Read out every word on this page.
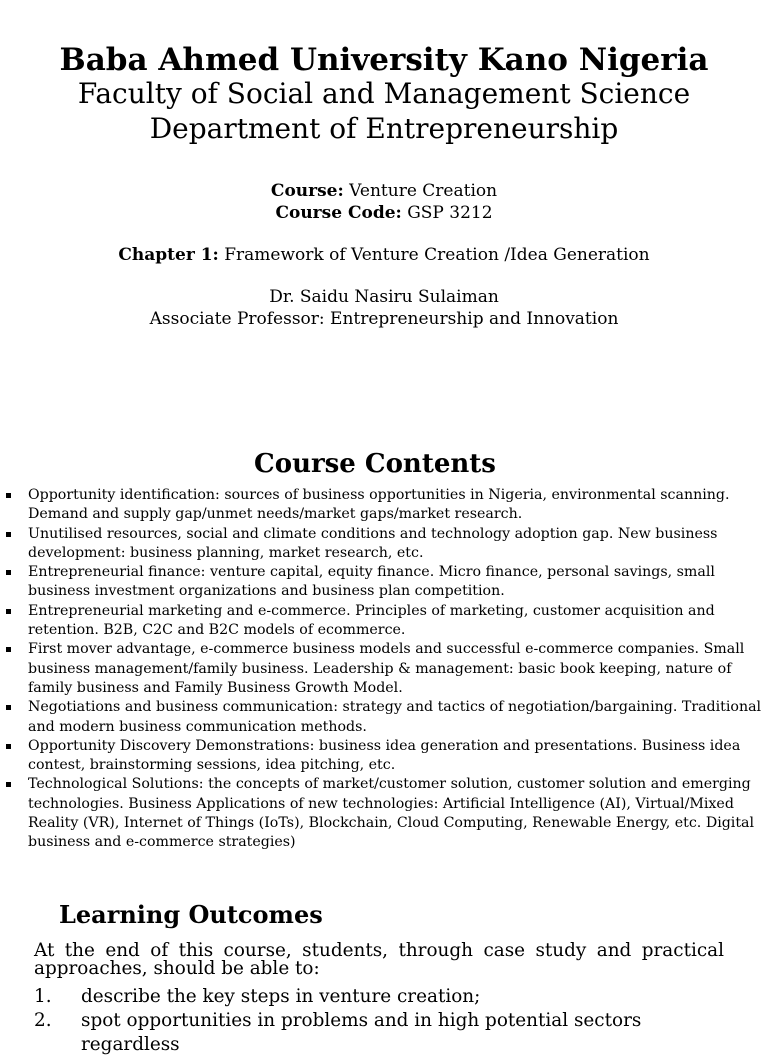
Baba Ahmed University Kano Nigeria
Faculty of Social and Management Science
Department of Entrepreneurship
Course: Venture Creation
Course Code: GSP 3212
Chapter 1: Framework of Venture Creation /Idea Generation
Dr. Saidu Nasiru Sulaiman
Associate Professor: Entrepreneurship and Innovation
Course Contents
Opportunity identification: sources of business opportunities in Nigeria, environmental scanning. Demand and supply gap/unmet needs/market gaps/market research.
Unutilised resources, social and climate conditions and technology adoption gap. New business development: business planning, market research, etc.
Entrepreneurial finance: venture capital, equity finance. Micro finance, personal savings, small business investment organizations and business plan competition.
Entrepreneurial marketing and e-commerce. Principles of marketing, customer acquisition and retention. B2B, C2C and B2C models of ecommerce.
First mover advantage, e-commerce business models and successful e-commerce companies. Small business management/family business. Leadership & management: basic book keeping, nature of family business and Family Business Growth Model.
Negotiations and business communication: strategy and tactics of negotiation/bargaining. Traditional and modern business communication methods.
Opportunity Discovery Demonstrations: business idea generation and presentations. Business idea contest, brainstorming sessions, idea pitching, etc.
Technological Solutions: the concepts of market/customer solution, customer solution and emerging technologies. Business Applications of new technologies: Artificial Intelligence (AI), Virtual/Mixed Reality (VR), Internet of Things (IoTs), Blockchain, Cloud Computing, Renewable Energy, etc. Digital business and e-commerce strategies)
Learning Outcomes
At the end of this course, students, through case study and practical approaches, should be able to:
1. describe the key steps in venture creation;
2. spot opportunities in problems and in high potential sectors regardless
